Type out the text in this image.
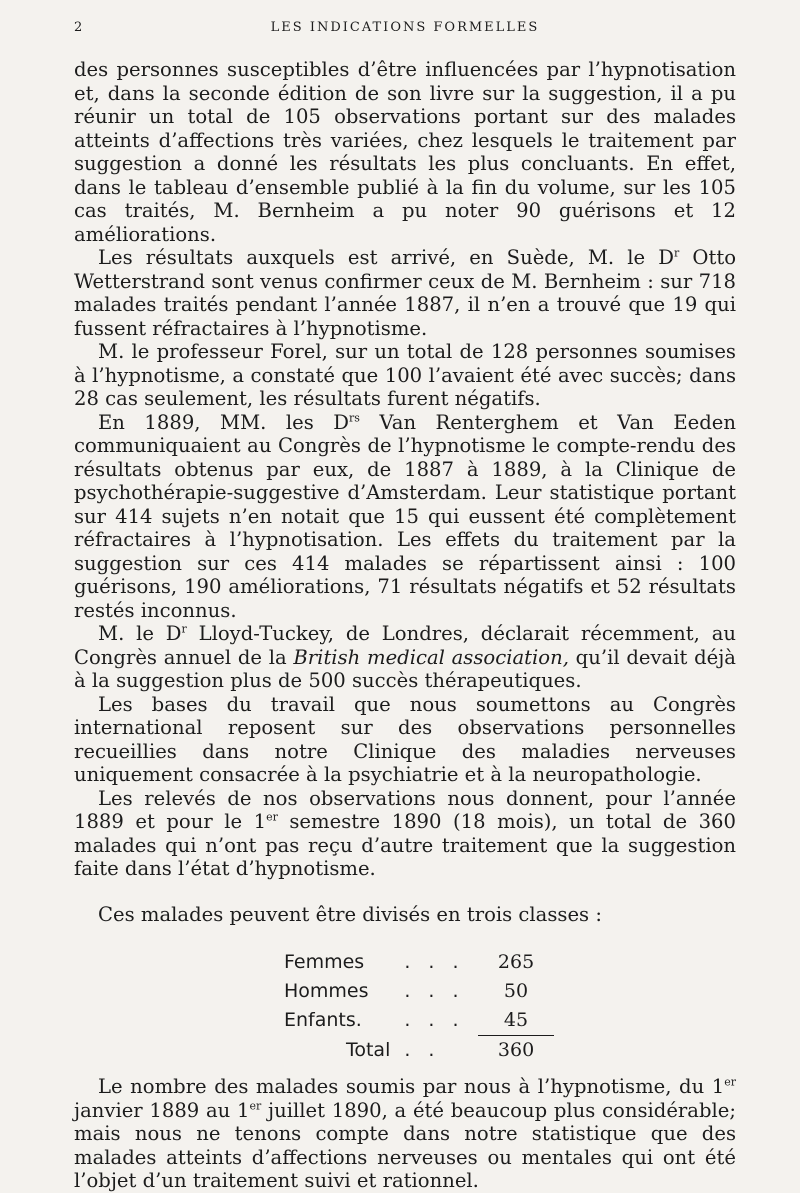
2	LES INDICATIONS FORMELLES

des personnes susceptibles d’être influencées par l’hypnotisation et, dans la seconde édition de son livre sur la suggestion, il a pu réunir un total de 105 observations portant sur des malades atteints d’affections très variées, chez lesquels le traitement par suggestion a donné les résultats les plus concluants. En effet, dans le tableau d’ensemble publié à la fin du volume, sur les 105 cas traités, M. Bernheim a pu noter 90 guérisons et 12 améliorations.

Les résultats auxquels est arrivé, en Suède, M. le $D^r$ Otto Wetterstrand sont venus confirmer ceux de M. Bernheim : sur 718 malades traités pendant l’année 1887, il n’en a trouvé que 19 qui fussent réfractaires à l’hypnotisme.

M. le professeur Forel, sur un total de 128 personnes soumises à l’hypnotisme, a constaté que 100 l’avaient été avec succès; dans 28 cas seulement, les résultats furent négatifs.

En 1889, MM. les $D^{rs}$ Van Renterghem et Van Eeden communiquaient au Congrès de l’hypnotisme le compte-rendu des résultats obtenus par eux, de 1887 à 1889, à la Clinique de psychothérapie-suggestive d’Amsterdam. Leur statistique portant sur 414 sujets n’en notait que 15 qui eussent été complètement réfractaires à l’hypnotisation. Les effets du traitement par la suggestion sur ces 414 malades se répartissent ainsi : 100 guérisons, 190 améliorations, 71 résultats négatifs et 52 résultats restés inconnus.

M. le $D^r$ Lloyd-Tuckey, de Londres, déclarait récemment, au Congrès annuel de la British medical association, qu’il devait déjà à la suggestion plus de 500 succès thérapeutiques.

Les bases du travail que nous soumettons au Congrès international reposent sur des observations personnelles recueillies dans notre Clinique des maladies nerveuses uniquement consacrée à la psychiatrie et à la neuropathologie.

Les relevés de nos observations nous donnent, pour l’année 1889 et pour le 1er semestre 1890 (18 mois), un total de 360 malades qui n’ont pas reçu d’autre traitement que la suggestion faite dans l’état d’hypnotisme.

Ces malades peuvent être divisés en trois classes :

Femmes	. . .	265
Hommes	. . .	50
Enfants.	. . .	45
Total	. .	360

Le nombre des malades soumis par nous à l’hypnotisme, du 1er janvier 1889 au 1er juillet 1890, a été beaucoup plus considérable; mais nous ne tenons compte dans notre statistique que des malades atteints d’affections nerveuses ou mentales qui ont été l’objet d’un traitement suivi et rationnel.
